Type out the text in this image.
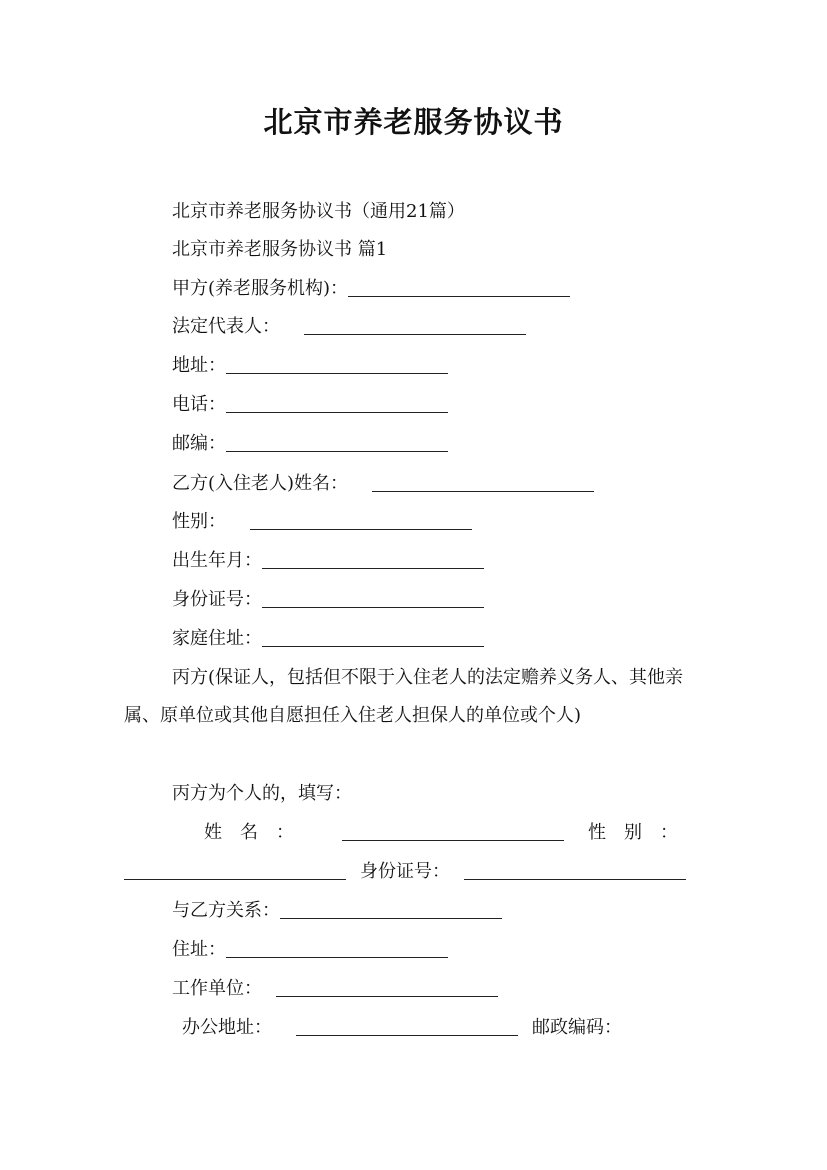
北京市养老服务协议书
北京市养老服务协议书（通用21篇）
北京市养老服务协议书 篇1
甲方(养老服务机构)：
法定代表人：
地址：
电话：
邮编：
乙方(入住老人)姓名：
性别：
出生年月：
身份证号：
家庭住址：
丙方(保证人，包括但不限于入住老人的法定赡养义务人、其他亲属、原单位或其他自愿担任入住老人担保人的单位或个人)
丙方为个人的，填写：
姓　名　：	性　别　：
身份证号：
与乙方关系：
住址：
工作单位：
办公地址：	邮政编码：
